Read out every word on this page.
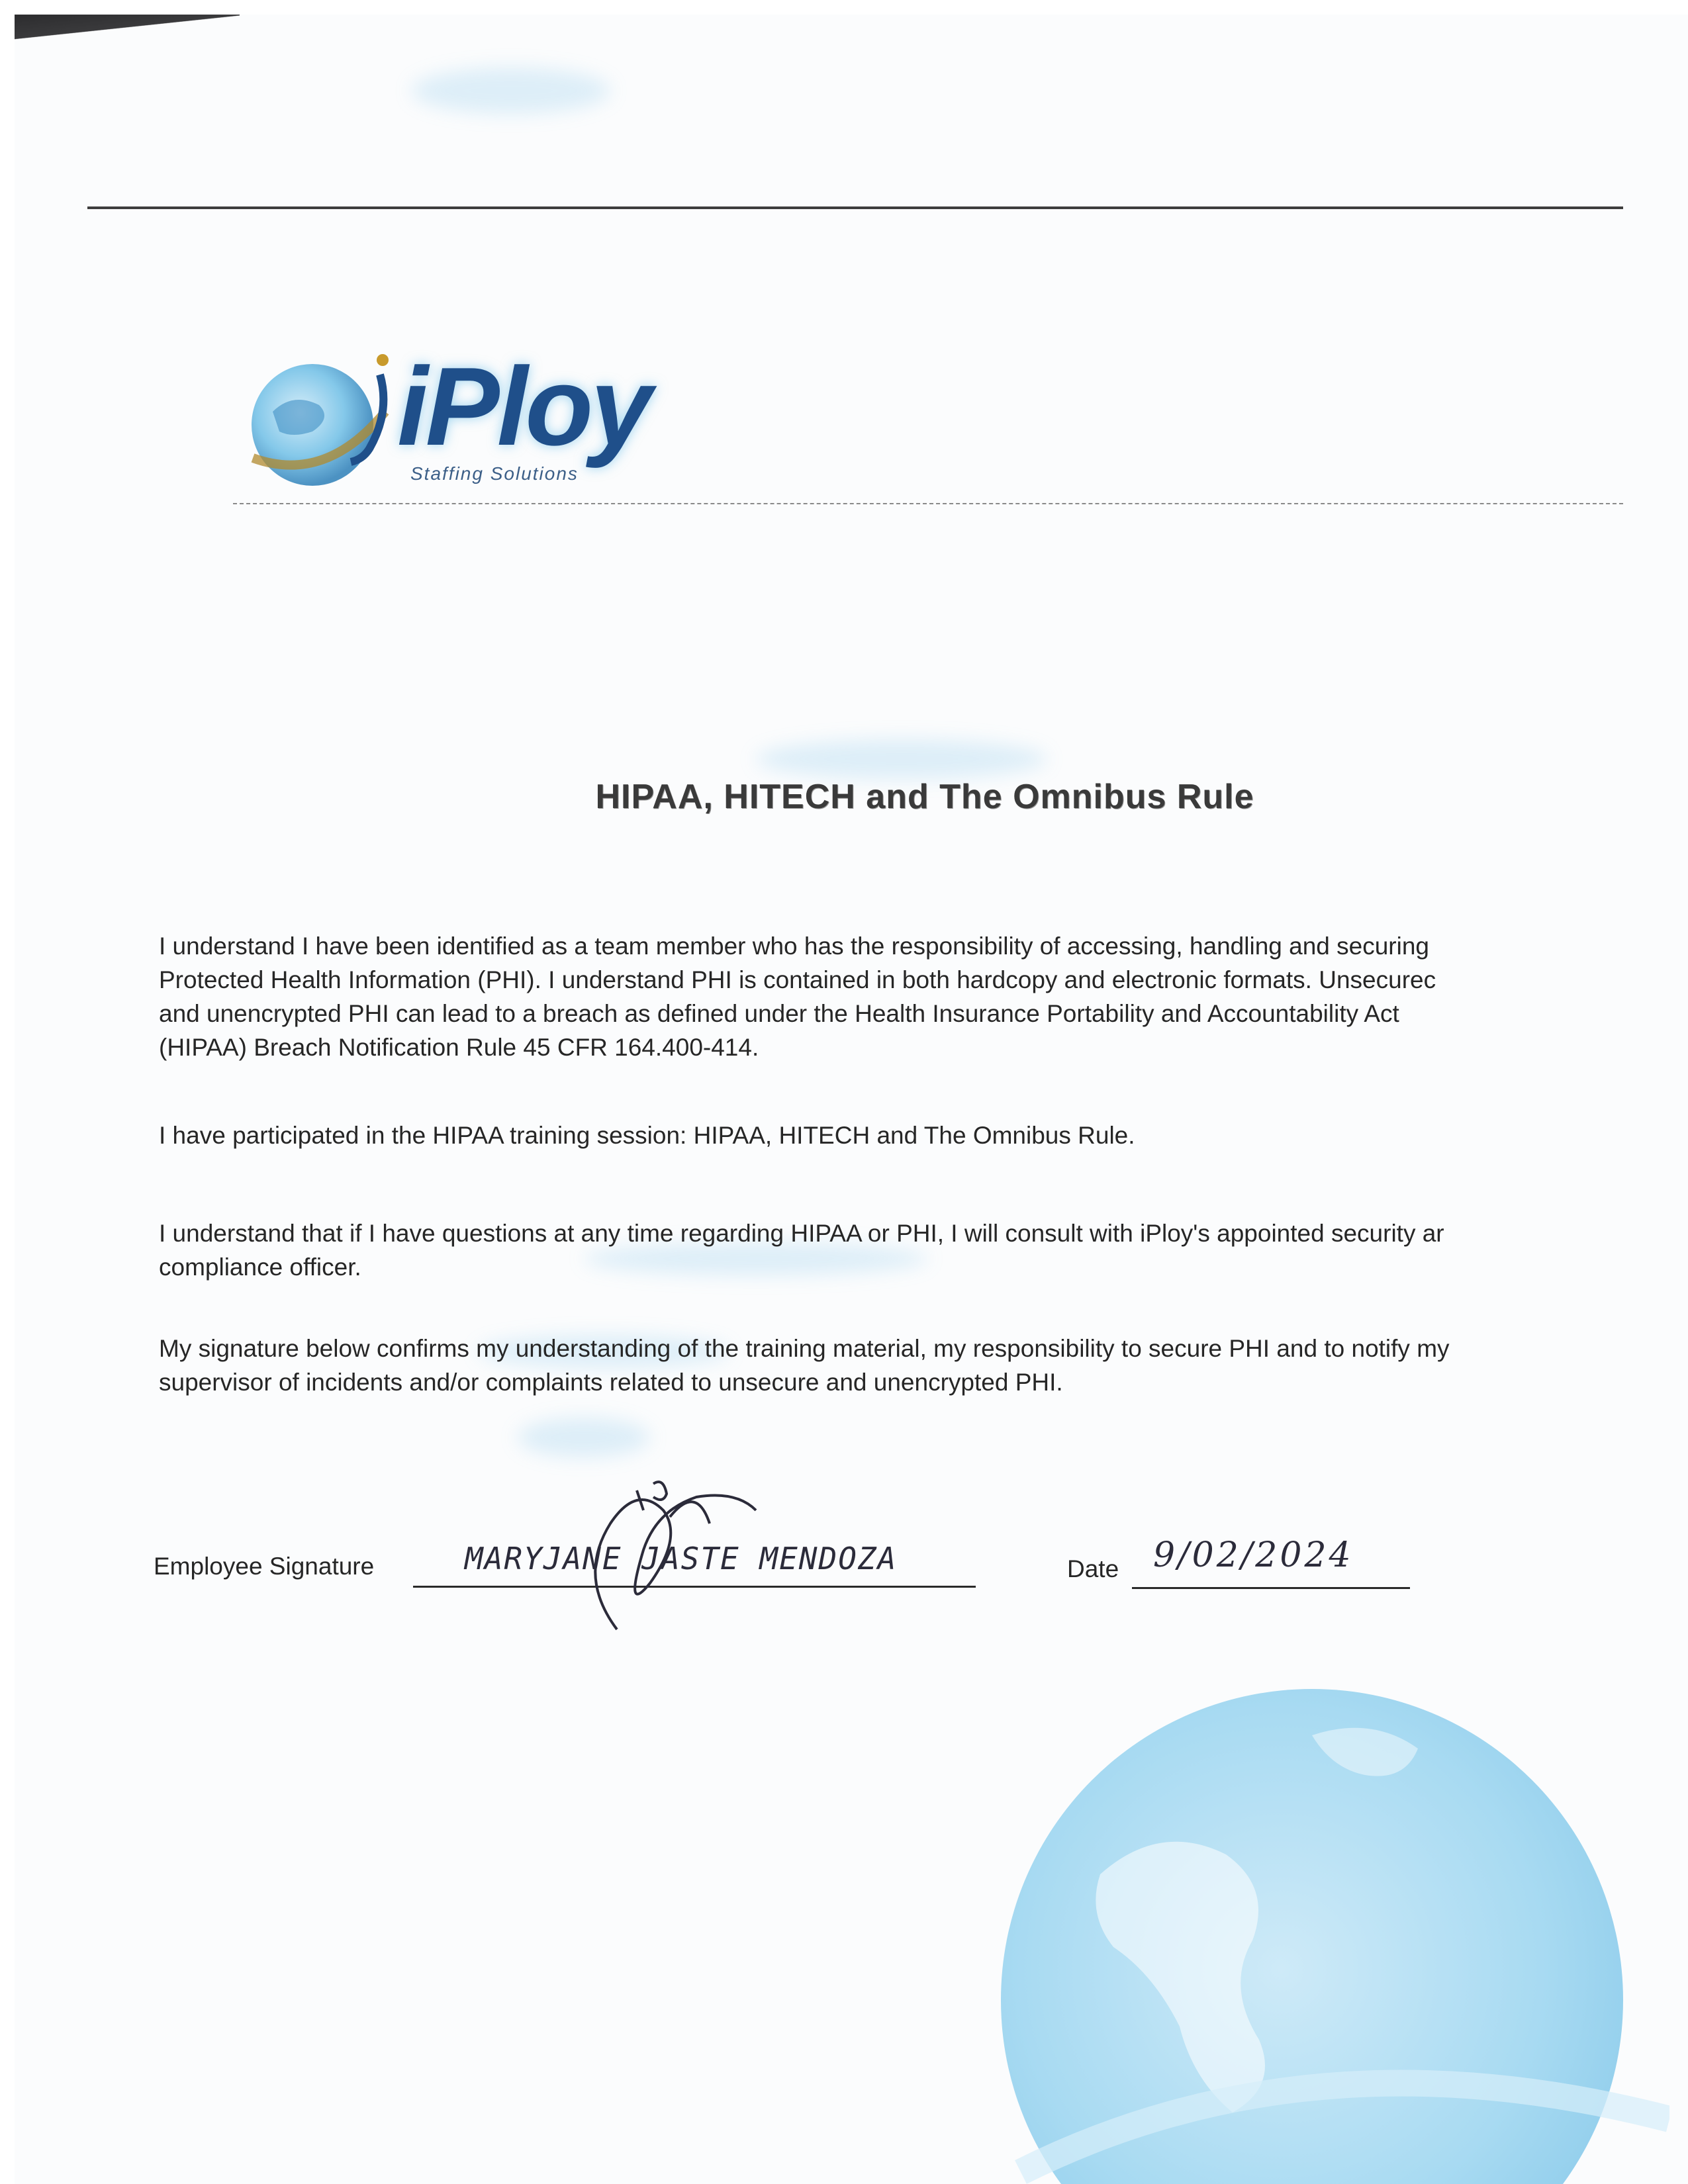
iPloy
Staffing Solutions
HIPAA, HITECH and The Omnibus Rule
I understand I have been identified as a team member who has the responsibility of accessing, handling and securing
Protected Health Information (PHI). I understand PHI is contained in both hardcopy and electronic formats. Unsecurec
and unencrypted PHI can lead to a breach as defined under the Health Insurance Portability and Accountability Act
(HIPAA) Breach Notification Rule 45 CFR 164.400-414.
I have participated in the HIPAA training session: HIPAA, HITECH and The Omnibus Rule.
I understand that if I have questions at any time regarding HIPAA or PHI, I will consult with iPloy's appointed security ar
compliance officer.
My signature below confirms my understanding of the training material, my responsibility to secure PHI and to notify my
supervisor of incidents and/or complaints related to unsecure and unencrypted PHI.
Employee Signature	MARYJANE JASTE MENDOZA	Date 9/02/2024
